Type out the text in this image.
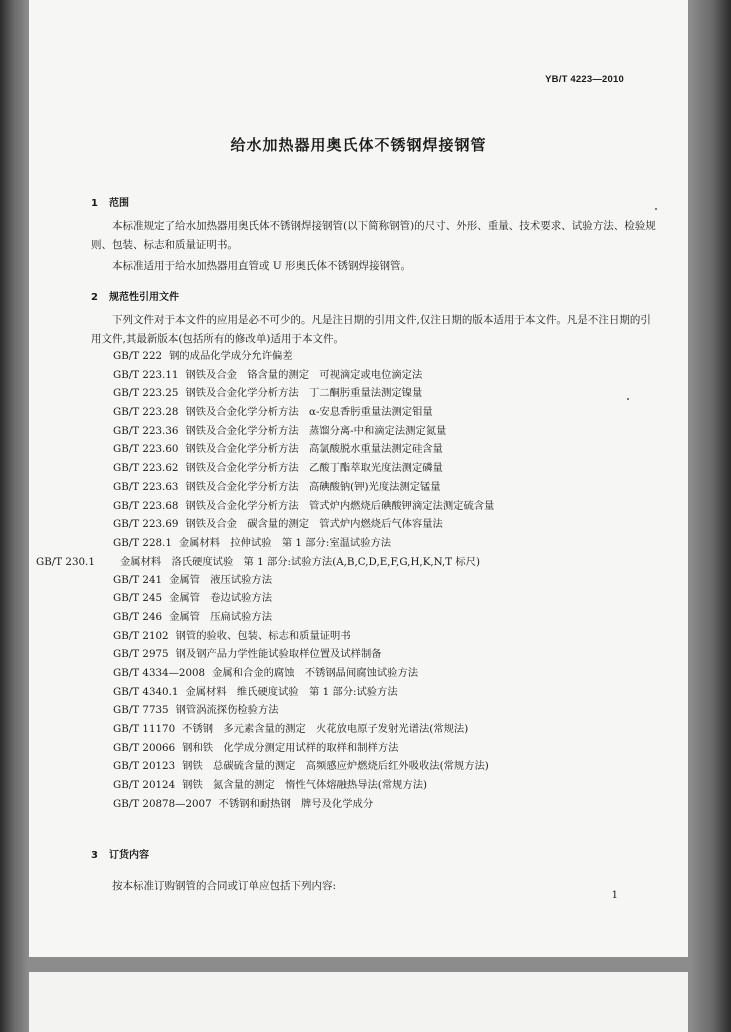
YB/T 4223—2010
给水加热器用奥氏体不锈钢焊接钢管
1 范围
本标准规定了给水加热器用奥氏体不锈钢焊接钢管(以下简称钢管)的尺寸、外形、重量、技术要求、试验方法、检验规则、包装、标志和质量证明书。
本标准适用于给水加热器用直管或 U 形奥氏体不锈钢焊接钢管。
2 规范性引用文件
下列文件对于本文件的应用是必不可少的。凡是注日期的引用文件,仅注日期的版本适用于本文件。凡是不注日期的引用文件,其最新版本(包括所有的修改单)适用于本文件。
GB/T 222 钢的成品化学成分允许偏差
GB/T 223.11 钢铁及合金　铬含量的测定　可视滴定或电位滴定法
GB/T 223.25 钢铁及合金化学分析方法　丁二酮肟重量法测定镍量
GB/T 223.28 钢铁及合金化学分析方法　α-安息香肟重量法测定钼量
GB/T 223.36 钢铁及合金化学分析方法　蒸馏分离-中和滴定法测定氮量
GB/T 223.60 钢铁及合金化学分析方法　高氯酸脱水重量法测定硅含量
GB/T 223.62 钢铁及合金化学分析方法　乙酸丁酯萃取光度法测定磷量
GB/T 223.63 钢铁及合金化学分析方法　高碘酸钠(钾)光度法测定锰量
GB/T 223.68 钢铁及合金化学分析方法　管式炉内燃烧后碘酸钾滴定法测定硫含量
GB/T 223.69 钢铁及合金　碳含量的测定　管式炉内燃烧后气体容量法
GB/T 228.1 金属材料　拉伸试验　第 1 部分:室温试验方法
GB/T 230.1 金属材料　洛氏硬度试验　第 1 部分:试验方法(A,B,C,D,E,F,G,H,K,N,T 标尺)
GB/T 241 金属管　液压试验方法
GB/T 245 金属管　卷边试验方法
GB/T 246 金属管　压扁试验方法
GB/T 2102 钢管的验收、包装、标志和质量证明书
GB/T 2975 钢及钢产品力学性能试验取样位置及试样制备
GB/T 4334—2008 金属和合金的腐蚀　不锈钢晶间腐蚀试验方法
GB/T 4340.1 金属材料　维氏硬度试验　第 1 部分:试验方法
GB/T 7735 钢管涡流探伤检验方法
GB/T 11170 不锈钢　多元素含量的测定　火花放电原子发射光谱法(常规法)
GB/T 20066 钢和铁　化学成分测定用试样的取样和制样方法
GB/T 20123 钢铁　总碳硫含量的测定　高频感应炉燃烧后红外吸收法(常规方法)
GB/T 20124 钢铁　氮含量的测定　惰性气体熔融热导法(常规方法)
GB/T 20878—2007 不锈钢和耐热钢　牌号及化学成分
3 订货内容
按本标准订购钢管的合同或订单应包括下列内容:
1
